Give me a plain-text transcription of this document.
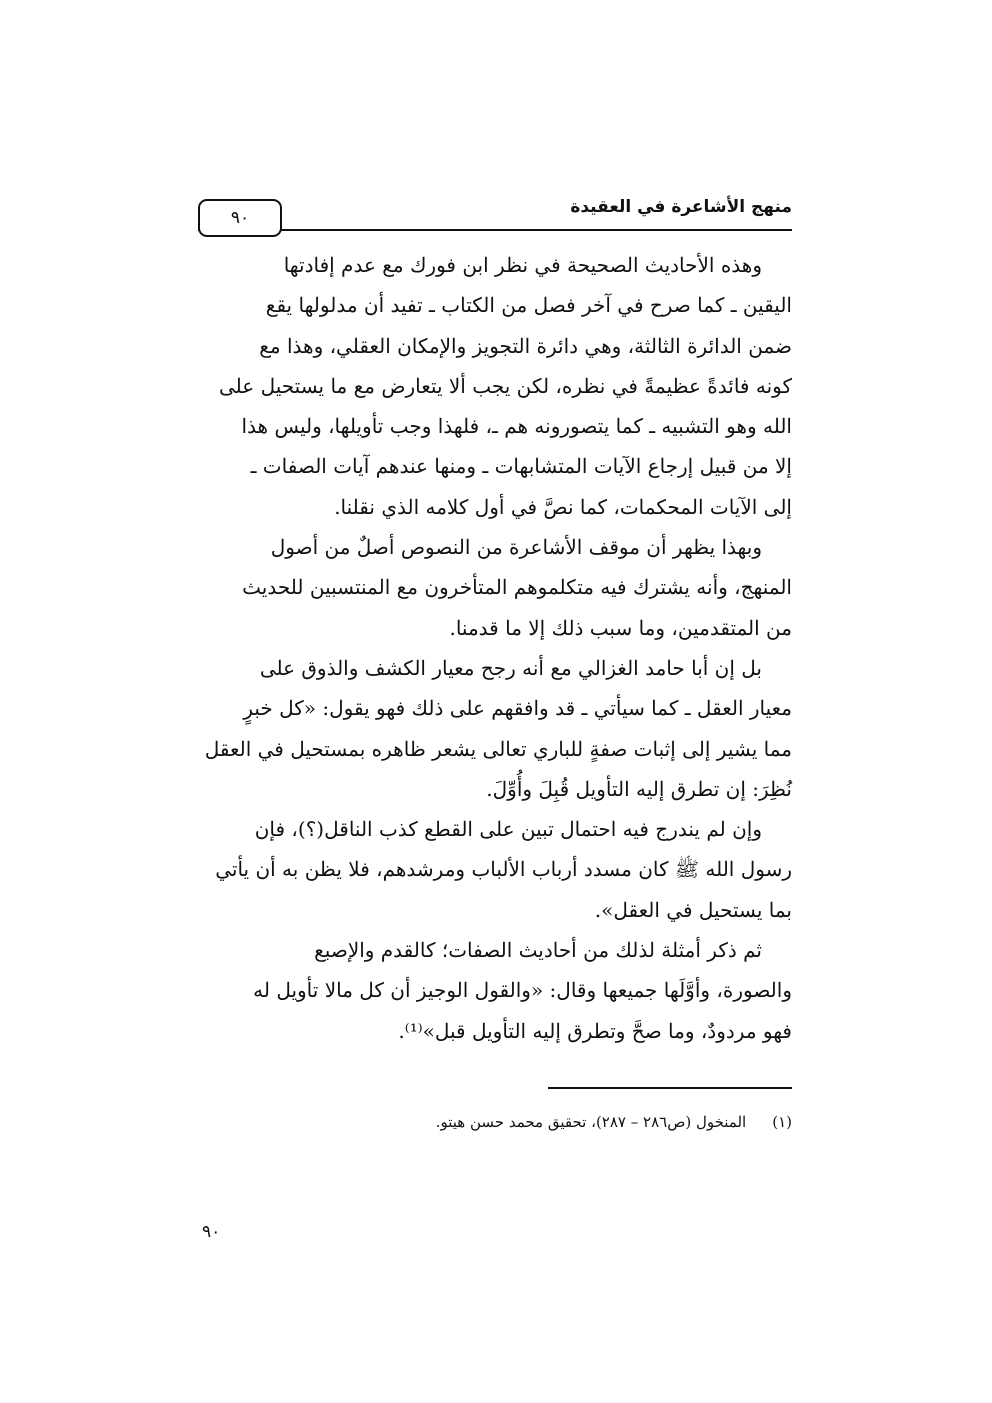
منهج الأشاعرة في العقيدة
٩٠

وهذه الأحاديث الصحيحة في نظر ابن فورك مع عدم إفادتها

اليقين ـ كما صرح في آخر فصل من الكتاب ـ تفيد أن مدلولها يقع

ضمن الدائرة الثالثة، وهي دائرة التجويز والإمكان العقلي، وهذا مع

كونه فائدةً عظيمةً في نظره، لكن يجب ألا يتعارض مع ما يستحيل على

الله وهو التشبيه ـ كما يتصورونه هم ـ، فلهذا وجب تأويلها، وليس هذا

إلا من قبيل إرجاع الآيات المتشابهات ـ ومنها عندهم آيات الصفات ـ

إلى الآيات المحكمات، كما نصَّ في أول كلامه الذي نقلنا.

وبهذا يظهر أن موقف الأشاعرة من النصوص أصلٌ من أصول

المنهج، وأنه يشترك فيه متكلموهم المتأخرون مع المنتسبين للحديث

من المتقدمين، وما سبب ذلك إلا ما قدمنا.

بل إن أبا حامد الغزالي مع أنه رجح معيار الكشف والذوق على

معيار العقل ـ كما سيأتي ـ قد وافقهم على ذلك فهو يقول: «كل خبرٍ

مما يشير إلى إثبات صفةٍ للباري تعالى يشعر ظاهره بمستحيل في العقل

نُظِرَ: إن تطرق إليه التأويل قُبِلَ وأُوِّلَ.

وإن لم يندرج فيه احتمال تبين على القطع كذب الناقل(؟)، فإن

رسول الله ﷺ كان مسدد أرباب الألباب ومرشدهم، فلا يظن به أن يأتي

بما يستحيل في العقل».

ثم ذكر أمثلة لذلك من أحاديث الصفات؛ كالقدم والإصبع

والصورة، وأوَّلَها جميعها وقال: «والقول الوجيز أن كل مالا تأويل له

فهو مردودٌ، وما صحَّ وتطرق إليه التأويل قبل»⁽¹⁾.

(١)المنخول (ص٢٨٦ – ٢٨٧)، تحقيق محمد حسن هيتو.
٩٠
